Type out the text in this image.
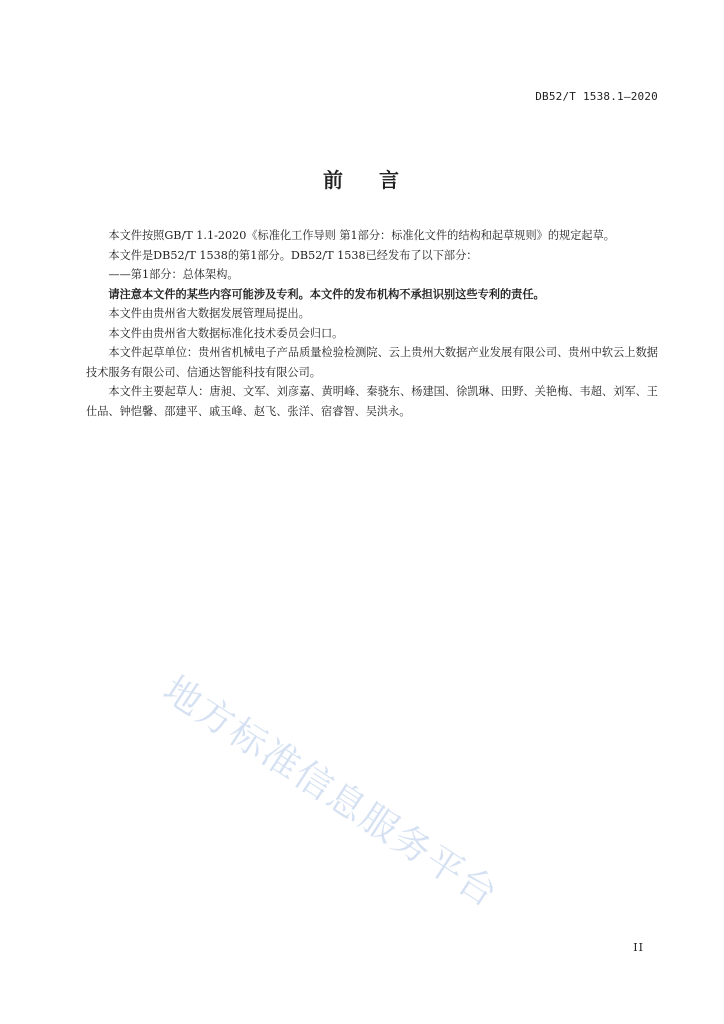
DB52/T 1538.1—2020
前 言

本文件按照GB/T 1.1-2020《标准化工作导则 第1部分：标准化文件的结构和起草规则》的规定起草。

本文件是DB52/T 1538的第1部分。DB52/T 1538已经发布了以下部分：

——第1部分：总体架构。

请注意本文件的某些内容可能涉及专利。本文件的发布机构不承担识别这些专利的责任。

本文件由贵州省大数据发展管理局提出。

本文件由贵州省大数据标准化技术委员会归口。

本文件起草单位：贵州省机械电子产品质量检验检测院、云上贵州大数据产业发展有限公司、贵州中软云上数据技术服务有限公司、信通达智能科技有限公司。

本文件主要起草人：唐昶、文军、刘彦嘉、黄明峰、秦骁东、杨建国、徐凯琳、田野、关艳梅、韦超、刘军、王仕品、钟恺馨、邵建平、戚玉峰、赵飞、张洋、宿睿智、吴洪永。

地方标准信息服务平台
II
